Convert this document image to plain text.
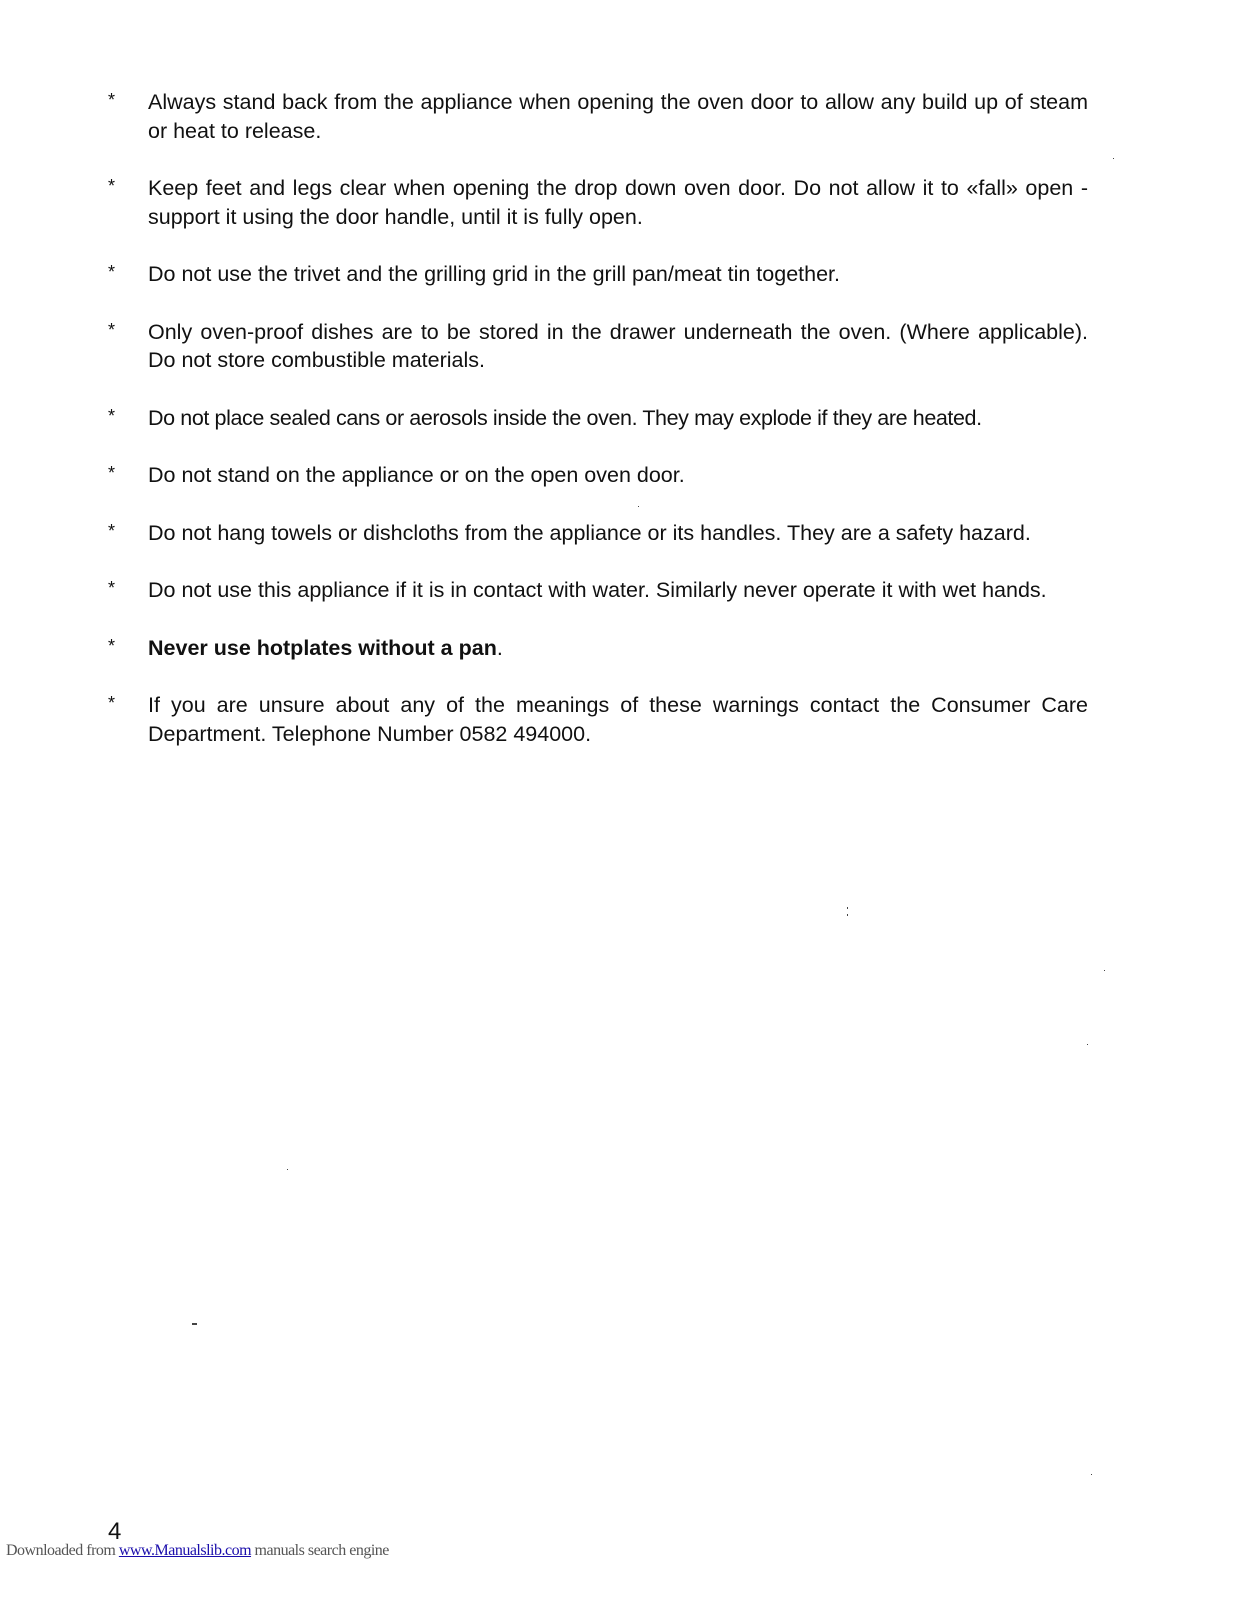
*	Always stand back from the appliance when opening the oven door to allow any build up of steam or heat to release.
*	Keep feet and legs clear when opening the drop down oven door. Do not allow it to «fall» open - support it using the door handle, until it is fully open.
*	Do not use the trivet and the grilling grid in the grill pan/meat tin together.
*	Only oven-proof dishes are to be stored in the drawer underneath the oven. (Where applicable). Do not store combustible materials.
*	Do not place sealed cans or aerosols inside the oven. They may explode if they are heated.
*	Do not stand on the appliance or on the open oven door.
*	Do not hang towels or dishcloths from the appliance or its handles. They are a safety hazard.
*	Do not use this appliance if it is in contact with water. Similarly never operate it with wet hands.
*	Never use hotplates without a pan.
*	If you are unsure about any of the meanings of these warnings contact the Consumer Care Department. Telephone Number 0582 494000.
4
Downloaded from www.Manualslib.com manuals search engine
